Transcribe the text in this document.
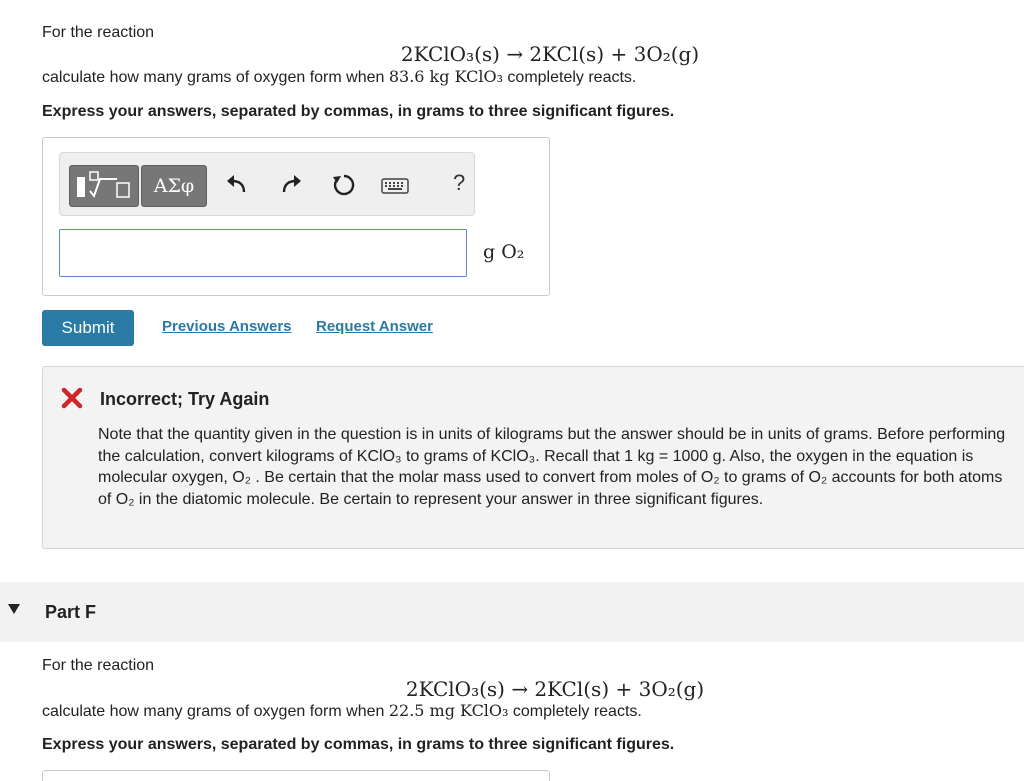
For the reaction
2KClO₃(s) → 2KCl(s) + 3O₂(g)
calculate how many grams of oxygen form when 83.6 kg KClO₃ completely reacts.
Express your answers, separated by commas, in grams to three significant figures.
ΑΣφ	?
g O₂
Submit	Previous Answers Request Answer
Incorrect; Try Again
Note that the quantity given in the question is in units of kilograms but the answer should be in units of grams. Before performing the calculation, convert kilograms of KClO₃ to grams of KClO₃. Recall that 1 kg = 1000 g. Also, the oxygen in the equation is molecular oxygen, O₂ . Be certain that the molar mass used to convert from moles of O₂ to grams of O₂ accounts for both atoms of O₂ in the diatomic molecule. Be certain to represent your answer in three significant figures.
Part F
For the reaction
2KClO₃(s) → 2KCl(s) + 3O₂(g)
calculate how many grams of oxygen form when 22.5 mg KClO₃ completely reacts.
Express your answers, separated by commas, in grams to three significant figures.
